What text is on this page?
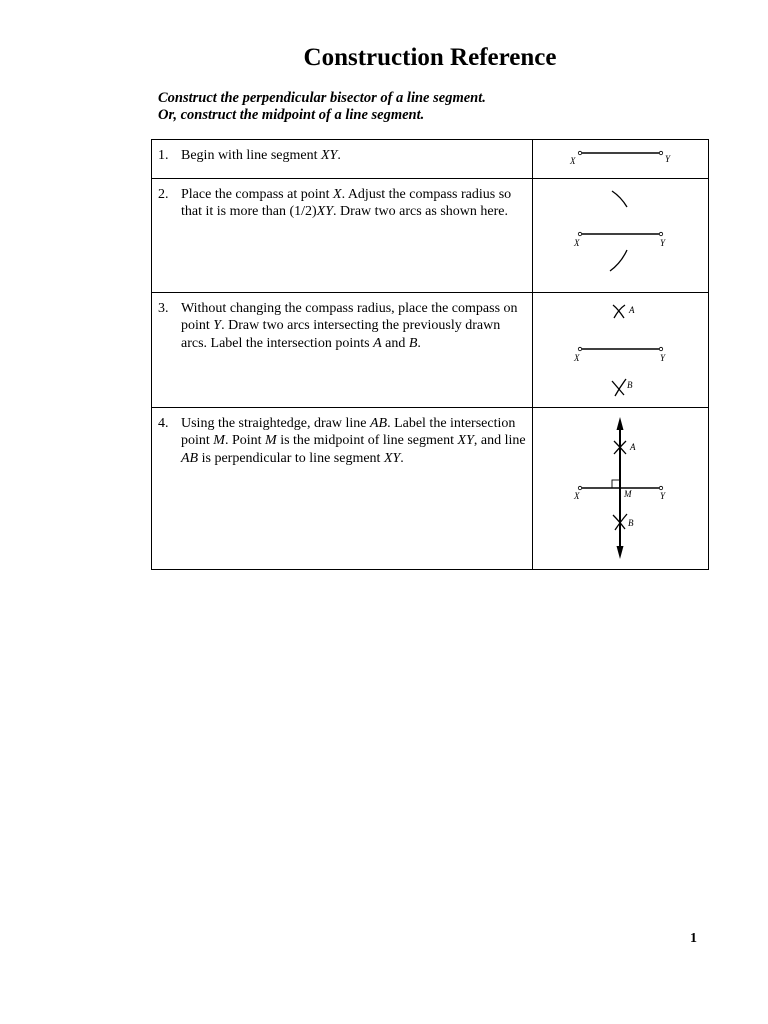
Construction Reference
Construct the perpendicular bisector of a line segment.
Or, construct the midpoint of a line segment.
1. Begin with line segment XY.	X Y

2. Place the compass at point X. Adjust the compass radius so that it is more than (1/2)XY. Draw two arcs as shown here.	X Y

3. Without changing the compass radius, place the compass on point Y. Draw two arcs intersecting the previously drawn arcs. Label the intersection points A and B.	A
X Y
B

4. Using the straightedge, draw line AB. Label the intersection point M. Point M is the midpoint of line segment XY, and line AB is perpendicular to line segment XY.	A
X M Y
B
1
